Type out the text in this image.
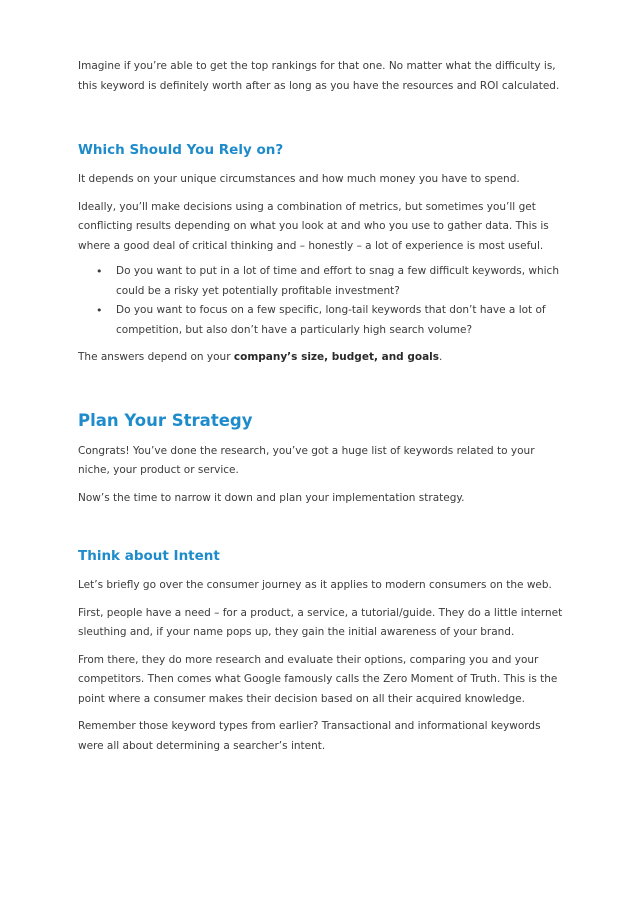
Imagine if you’re able to get the top rankings for that one. No matter what the difficulty is, this keyword is definitely worth after as long as you have the resources and ROI calculated.

Which Should You Rely on?

It depends on your unique circumstances and how much money you have to spend.

Ideally, you’ll make decisions using a combination of metrics, but sometimes you’ll get conflicting results depending on what you look at and who you use to gather data. This is where a good deal of critical thinking and – honestly – a lot of experience is most useful.

• Do you want to put in a lot of time and effort to snag a few difficult keywords, which could be a risky yet potentially profitable investment?
• Do you want to focus on a few specific, long-tail keywords that don’t have a lot of competition, but also don’t have a particularly high search volume?

The answers depend on your company’s size, budget, and goals.

Plan Your Strategy

Congrats! You’ve done the research, you’ve got a huge list of keywords related to your niche, your product or service.

Now’s the time to narrow it down and plan your implementation strategy.

Think about Intent

Let’s briefly go over the consumer journey as it applies to modern consumers on the web.

First, people have a need – for a product, a service, a tutorial/guide. They do a little internet sleuthing and, if your name pops up, they gain the initial awareness of your brand.

From there, they do more research and evaluate their options, comparing you and your competitors. Then comes what Google famously calls the Zero Moment of Truth. This is the point where a consumer makes their decision based on all their acquired knowledge.

Remember those keyword types from earlier? Transactional and informational keywords were all about determining a searcher’s intent.
